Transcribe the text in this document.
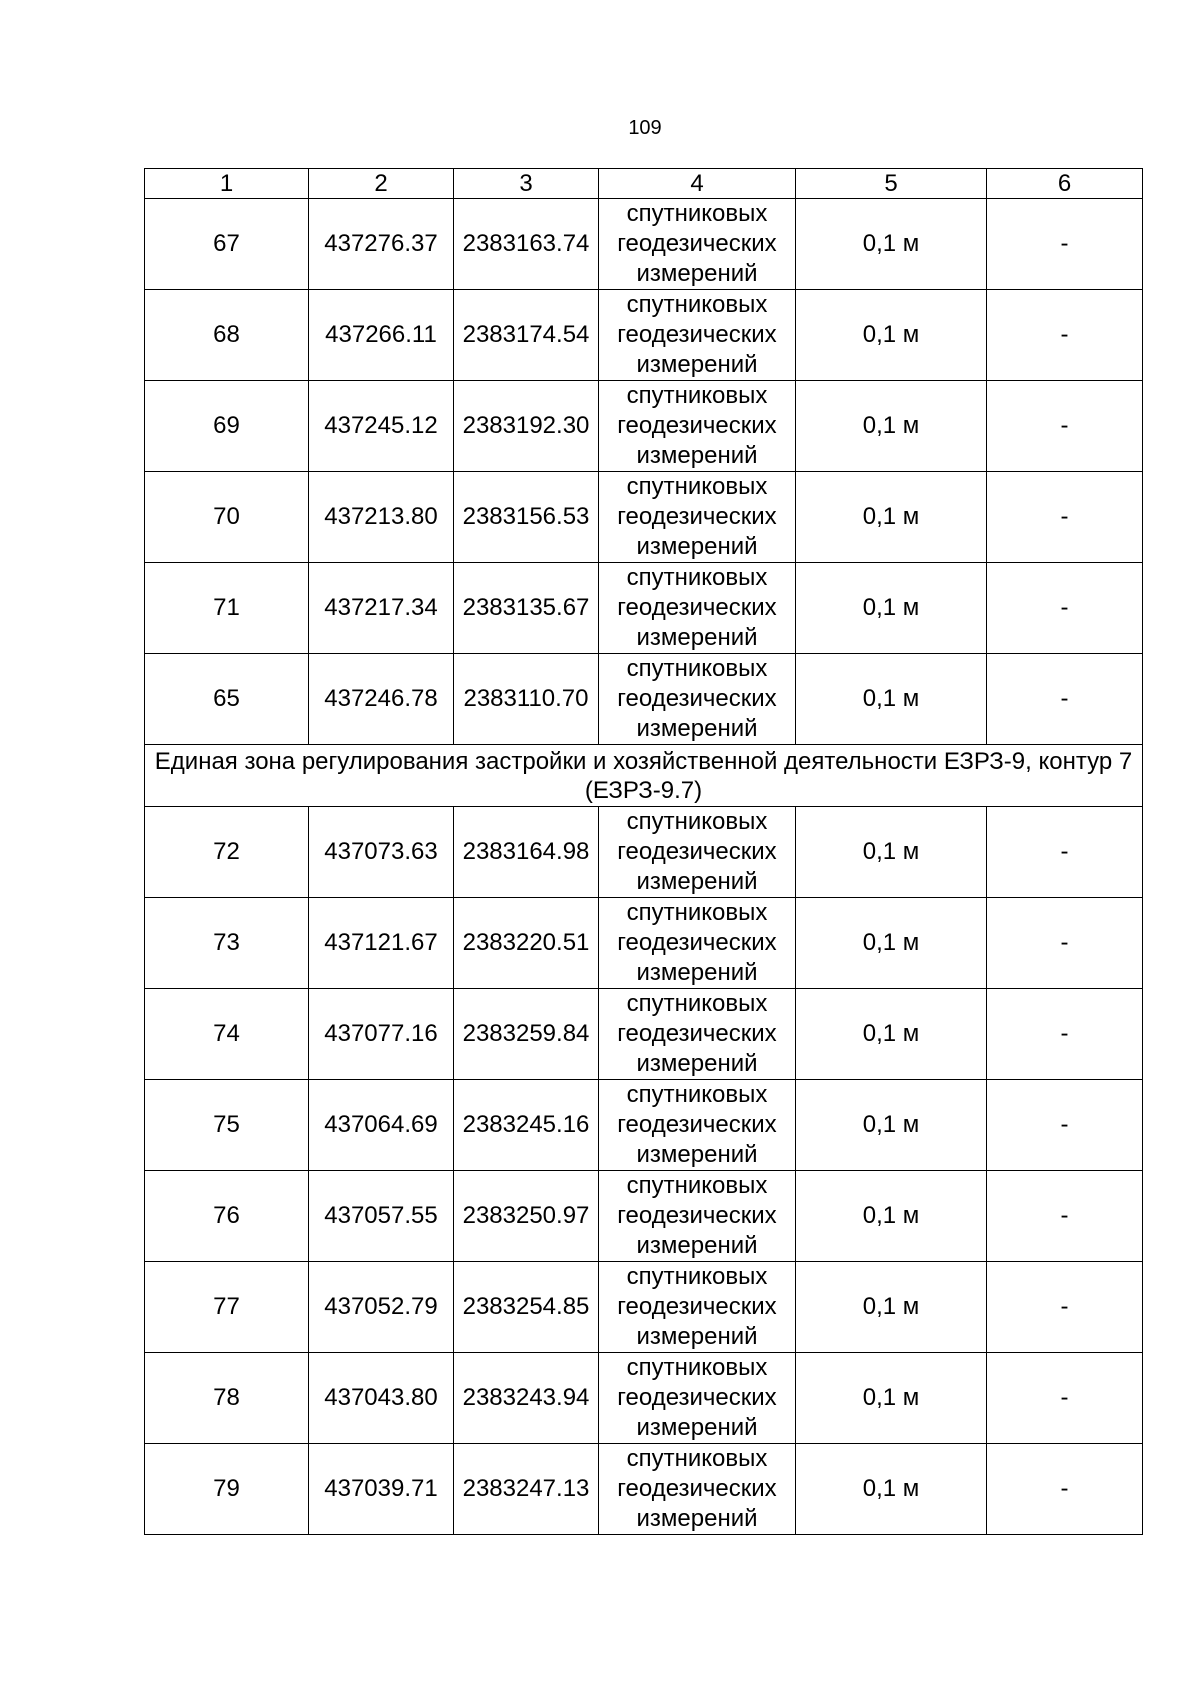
109
1	2	3	4	5	6
67	437276.37	2383163.74	спутниковых
геодезических
измерений	0,1 м	-
68	437266.11	2383174.54	спутниковых
геодезических
измерений	0,1 м	-
69	437245.12	2383192.30	спутниковых
геодезических
измерений	0,1 м	-
70	437213.80	2383156.53	спутниковых
геодезических
измерений	0,1 м	-
71	437217.34	2383135.67	спутниковых
геодезических
измерений	0,1 м	-
65	437246.78	2383110.70	спутниковых
геодезических
измерений	0,1 м	-
Единая зона регулирования застройки и хозяйственной деятельности ЕЗРЗ-9, контур 7 (ЕЗРЗ-9.7)					
72	437073.63	2383164.98	спутниковых
геодезических
измерений	0,1 м	-
73	437121.67	2383220.51	спутниковых
геодезических
измерений	0,1 м	-
74	437077.16	2383259.84	спутниковых
геодезических
измерений	0,1 м	-
75	437064.69	2383245.16	спутниковых
геодезических
измерений	0,1 м	-
76	437057.55	2383250.97	спутниковых
геодезических
измерений	0,1 м	-
77	437052.79	2383254.85	спутниковых
геодезических
измерений	0,1 м	-
78	437043.80	2383243.94	спутниковых
геодезических
измерений	0,1 м	-
79	437039.71	2383247.13	спутниковых
геодезических
измерений	0,1 м	-
